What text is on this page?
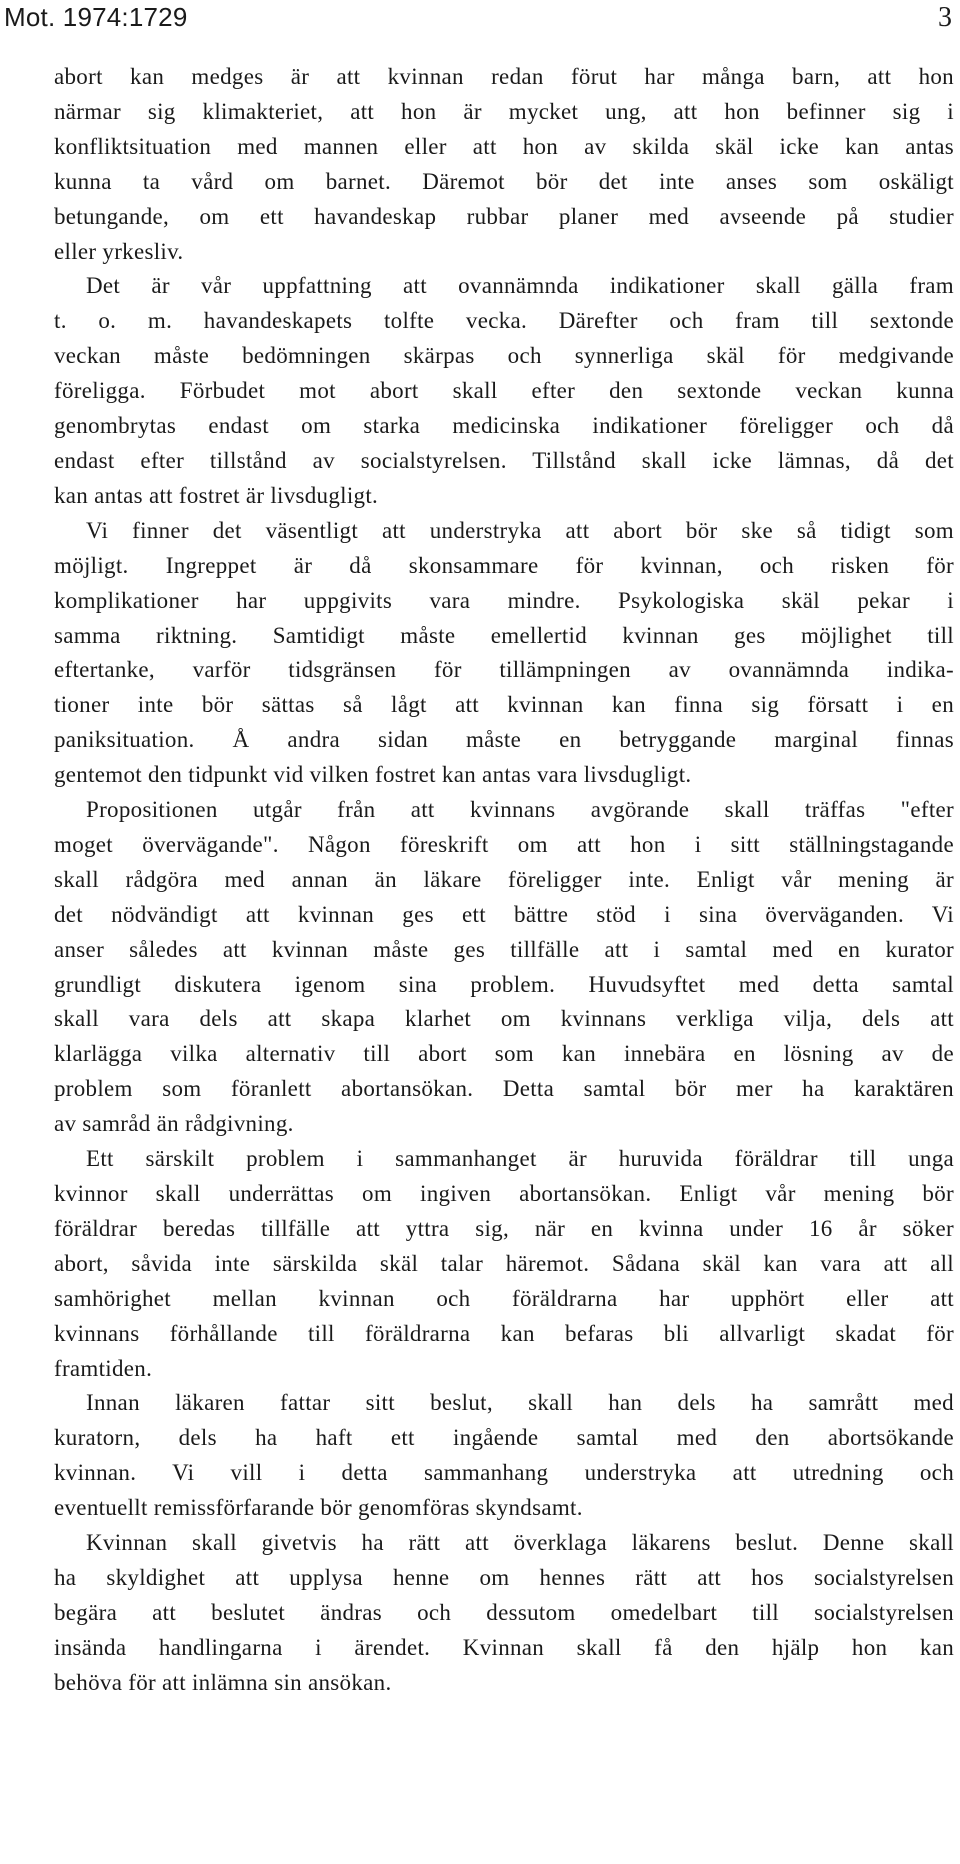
Mot. 1974:1729	3

abort kan medges är att kvinnan redan förut har många barn, att hon
närmar sig klimakteriet, att hon är mycket ung, att hon befinner sig i
konfliktsituation med mannen eller att hon av skilda skäl icke kan antas
kunna ta vård om barnet. Däremot bör det inte anses som oskäligt
betungande, om ett havandeskap rubbar planer med avseende på studier
eller yrkesliv.

Det är vår uppfattning att ovannämnda indikationer skall gälla fram
t. o. m. havandeskapets tolfte vecka. Därefter och fram till sextonde
veckan måste bedömningen skärpas och synnerliga skäl för medgivande
föreligga. Förbudet mot abort skall efter den sextonde veckan kunna
genombrytas endast om starka medicinska indikationer föreligger och då
endast efter tillstånd av socialstyrelsen. Tillstånd skall icke lämnas, då det
kan antas att fostret är livsdugligt.

Vi finner det väsentligt att understryka att abort bör ske så tidigt som
möjligt. Ingreppet är då skonsammare för kvinnan, och risken för
komplikationer har uppgivits vara mindre. Psykologiska skäl pekar i
samma riktning. Samtidigt måste emellertid kvinnan ges möjlighet till
eftertanke, varför tidsgränsen för tillämpningen av ovannämnda indika-
tioner inte bör sättas så lågt att kvinnan kan finna sig försatt i en
paniksituation. Å andra sidan måste en betryggande marginal finnas
gentemot den tidpunkt vid vilken fostret kan antas vara livsdugligt.

Propositionen utgår från att kvinnans avgörande skall träffas "efter
moget övervägande". Någon föreskrift om att hon i sitt ställningstagande
skall rådgöra med annan än läkare föreligger inte. Enligt vår mening är
det nödvändigt att kvinnan ges ett bättre stöd i sina överväganden. Vi
anser således att kvinnan måste ges tillfälle att i samtal med en kurator
grundligt diskutera igenom sina problem. Huvudsyftet med detta samtal
skall vara dels att skapa klarhet om kvinnans verkliga vilja, dels att
klarlägga vilka alternativ till abort som kan innebära en lösning av de
problem som föranlett abortansökan. Detta samtal bör mer ha karaktären
av samråd än rådgivning.

Ett särskilt problem i sammanhanget är huruvida föräldrar till unga
kvinnor skall underrättas om ingiven abortansökan. Enligt vår mening bör
föräldrar beredas tillfälle att yttra sig, när en kvinna under 16 år söker
abort, såvida inte särskilda skäl talar häremot. Sådana skäl kan vara att all
samhörighet mellan kvinnan och föräldrarna har upphört eller att
kvinnans förhållande till föräldrarna kan befaras bli allvarligt skadat för
framtiden.

Innan läkaren fattar sitt beslut, skall han dels ha samrått med
kuratorn, dels ha haft ett ingående samtal med den abortsökande
kvinnan. Vi vill i detta sammanhang understryka att utredning och
eventuellt remissförfarande bör genomföras skyndsamt.

Kvinnan skall givetvis ha rätt att överklaga läkarens beslut. Denne skall
ha skyldighet att upplysa henne om hennes rätt att hos socialstyrelsen
begära att beslutet ändras och dessutom omedelbart till socialstyrelsen
insända handlingarna i ärendet. Kvinnan skall få den hjälp hon kan
behöva för att inlämna sin ansökan.
